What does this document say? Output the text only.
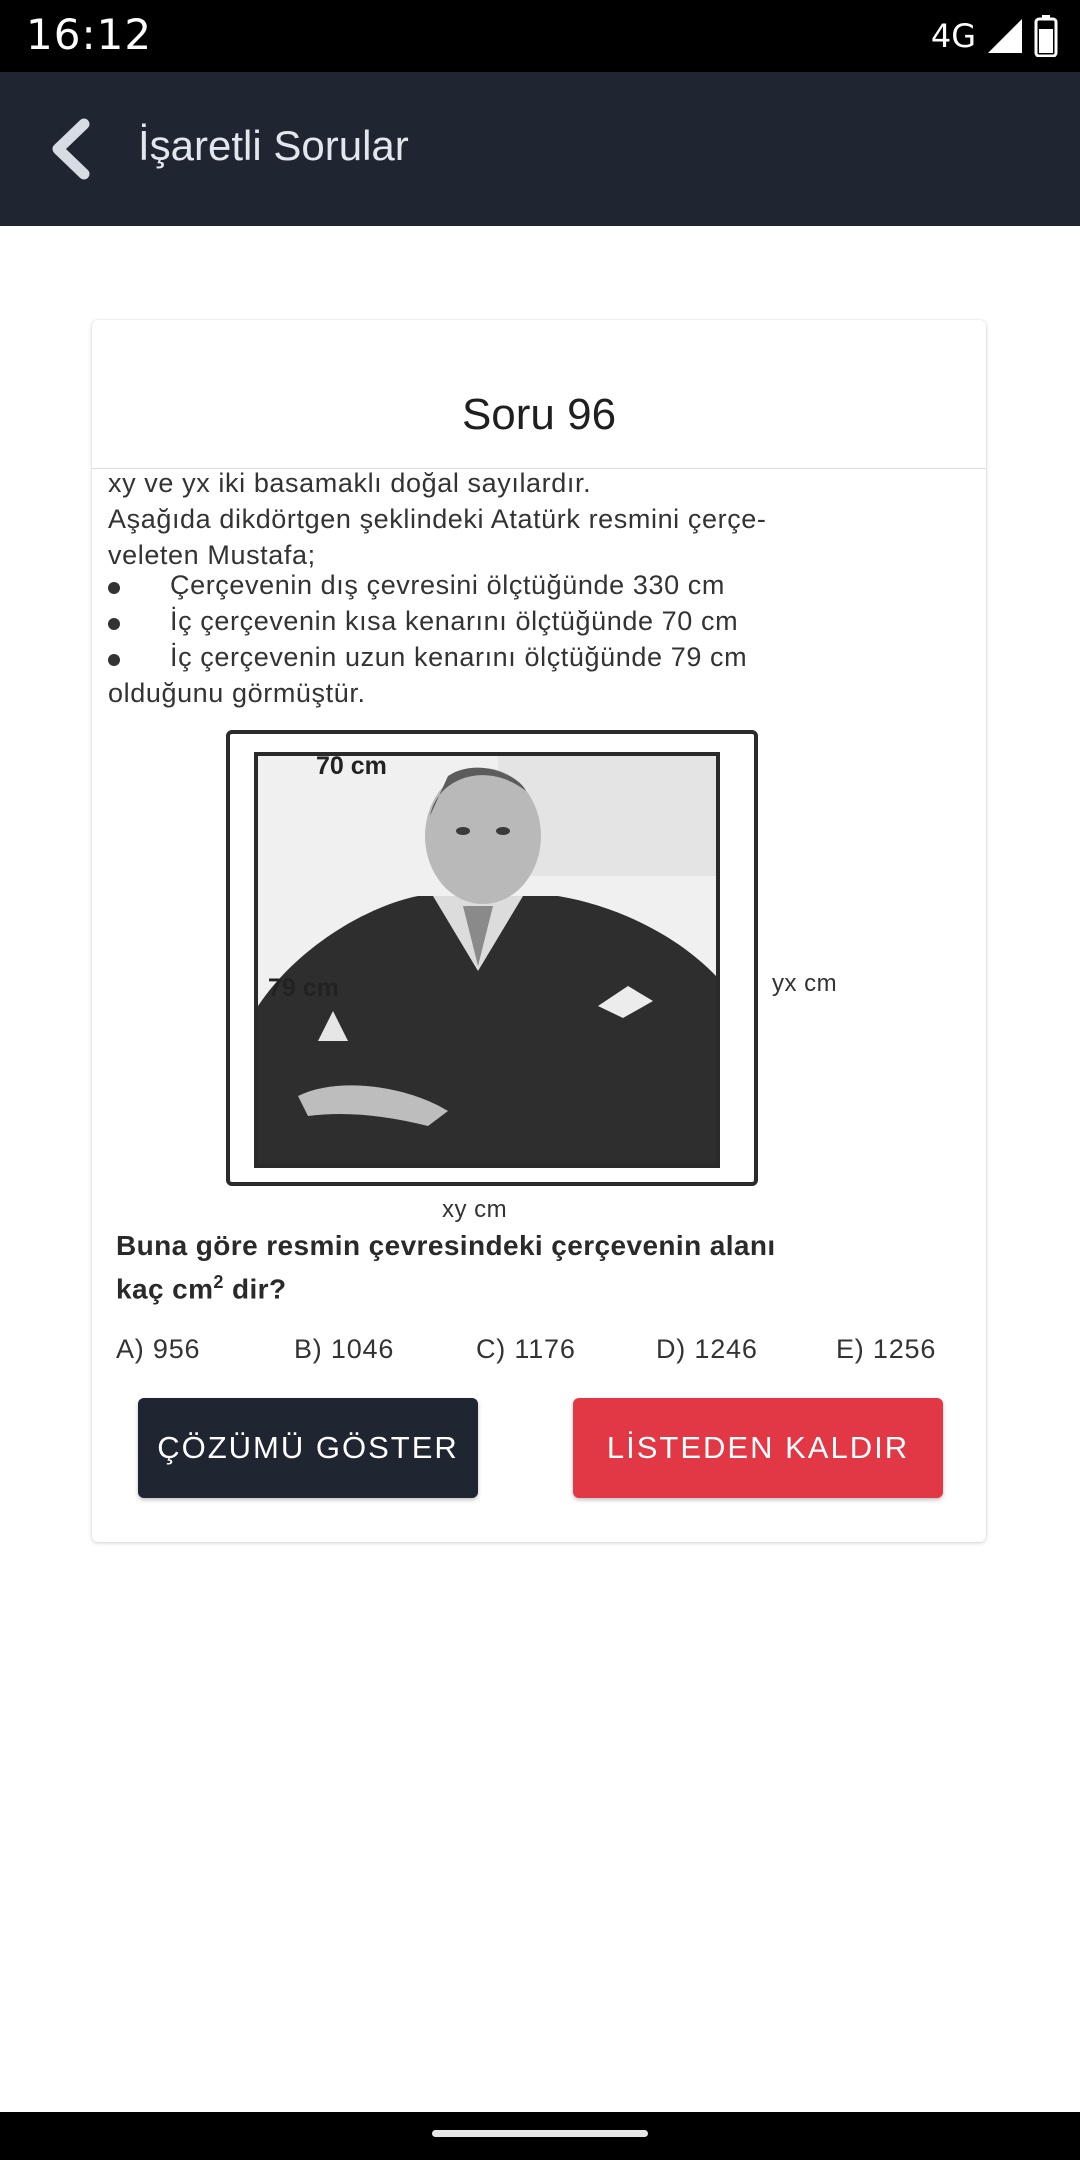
16:12	4G
İşaretli Sorular
Soru 96
xy ve yx iki basamaklı doğal sayılardır.
Aşağıda dikdörtgen şeklindeki Atatürk resmini çerçe-
veleten Mustafa;
Çerçevenin dış çevresini ölçtüğünde 330 cm
İç çerçevenin kısa kenarını ölçtüğünde 70 cm
İç çerçevenin uzun kenarını ölçtüğünde 79 cm
olduğunu görmüştür.
70 cm
79 cm	yx cm
xy cm
Buna göre resmin çevresindeki çerçevenin alanı
kaç $cm^2$ dir?
A) 956	B) 1046	C) 1176	D) 1246	E) 1256
ÇÖZÜMÜ GÖSTER	LİSTEDEN KALDIR
